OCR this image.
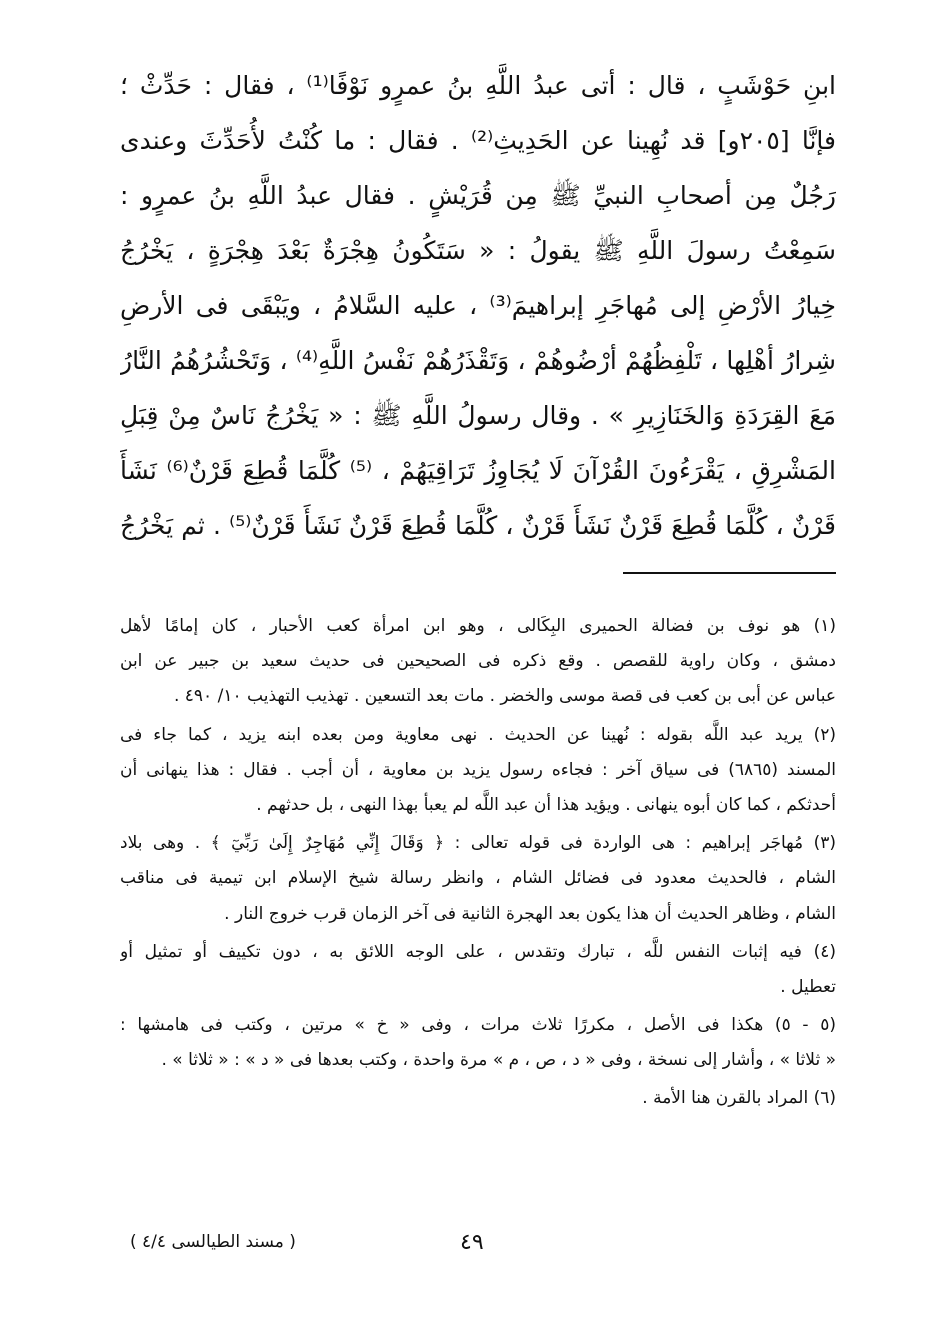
ابنِ حَوْشَبٍ ، قال : أتى عبدُ اللَّهِ بنُ عمرٍو نَوْفًا⁽¹⁾ ، فقال : حَدِّثْ ؛
فإنَّا [٢٠٥و] قد نُهِينا عن الحَدِيثِ⁽²⁾ . فقال : ما كُنْتُ لأُحَدِّثَ وعندى
رَجُلٌ مِن أصحابِ النبيِّ ﷺ مِن قُرَيْشٍ . فقال عبدُ اللَّهِ بنُ عمرٍو :
سَمِعْتُ رسولَ اللَّهِ ﷺ يقولُ : « سَتَكُونُ هِجْرَةٌ بَعْدَ هِجْرَةٍ ، يَخْرُجُ
خِيارُ الأرْضِ إلى مُهاجَرِ إبراهيمَ⁽³⁾ ، عليه السَّلامُ ، ويَبْقَى فى الأرضِ
شِرارُ أهْلِها ، تَلْفِظُهُمْ أرْضُوهُمْ ، وَتَقْذَرُهُمْ نَفْسُ اللَّهِ⁽⁴⁾ ، وَتَحْشُرُهُمُ النَّارُ
مَعَ القِرَدَةِ وَالخَنَازِيرِ » . وقال رسولُ اللَّهِ ﷺ : « يَخْرُجُ نَاسٌ مِنْ قِبَلِ
المَشْرِقِ ، يَقْرَءُونَ القُرْآنَ لَا يُجَاوِزُ تَرَاقِيَهُمْ ، ⁽⁵⁾ كُلَّمَا قُطِعَ قَرْنٌ⁽⁶⁾ نَشَأَ
قَرْنٌ ، كُلَّمَا قُطِعَ قَرْنٌ نَشَأَ قَرْنٌ ، كُلَّمَا قُطِعَ قَرْنٌ نَشَأَ قَرْنٌ⁽⁵⁾ . ثم يَخْرُجُ
(١) هو نوف بن فضالة الحميرى البِكَالى ، وهو ابن امرأة كعب الأحبار ، كان إمامًا لأهل
دمشق ، وكان راوية للقصص . وقع ذكره فى الصحيحين فى حديث سعيد بن جبير عن ابن
عباس عن أبى بن كعب فى قصة موسى والخضر . مات بعد التسعين . تهذيب التهذيب ١٠/ ٤٩٠ .
(٢) يريد عبد اللَّه بقوله : نُهينا عن الحديث . نهى معاوية ومن بعده ابنه يزيد ، كما جاء فى
المسند (٦٨٦٥) فى سياق آخر : فجاءه رسول يزيد بن معاوية ، أن أجب . فقال : هذا ينهانى أن
أحدثكم ، كما كان أبوه ينهانى . ويؤيد هذا أن عبد اللَّه لم يعبأ بهذا النهى ، بل حدثهم .
(٣) مُهاجَر إبراهيم : هى الواردة فى قوله تعالى : ﴿ وَقَالَ إِنِّي مُهَاجِرٌ إِلَىٰ رَبِّيٓ ﴾ . وهى بلاد
الشام ، فالحديث معدود فى فضائل الشام ، وانظر رسالة شيخ الإسلام ابن تيمية فى مناقب
الشام ، وظاهر الحديث أن هذا يكون بعد الهجرة الثانية فى آخر الزمان قرب خروج النار .
(٤) فيه إثبات النفس للَّه ، تبارك وتقدس ، على الوجه اللائق به ، دون تكييف أو تمثيل أو
تعطيل .
(٥ - ٥) هكذا فى الأصل ، مكررًا ثلاث مرات ، وفى « خ » مرتين ، وكتب فى هامشها :
« ثلاثا » ، وأشار إلى نسخة ، وفى « د ، ص ، م » مرة واحدة ، وكتب بعدها فى « د » : « ثلاثا » .
(٦) المراد بالقرن هنا الأمة .
( مسند الطيالسى ٤/٤ )	٤٩
